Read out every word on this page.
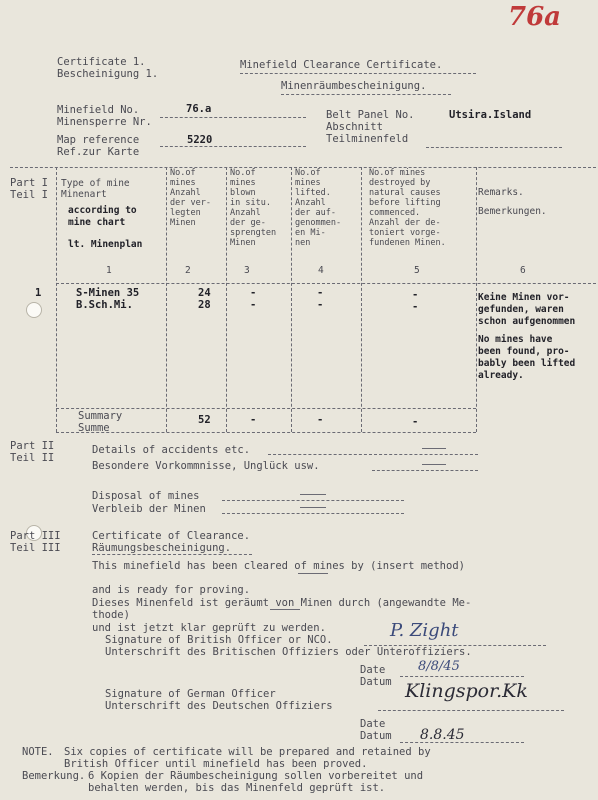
76a
Certificate 1.
Bescheinigung 1.
Minefield Clearance Certificate.
Minenräumbescheinigung.
Minefield No.
Minensperre Nr.
76.a
Map reference
Ref.zur Karte
5220
Belt Panel No.
Abschnitt
Teilminenfeld
Utsira.Island
Part I
Teil I
Type of mine
Minenart
according to
mine chart
lt. Minenplan
No.of
mines
Anzahl
der ver-
legten
Minen
No.of
mines
blown
in situ.
Anzahl
der ge-
sprengten
Minen
No.of
mines
lifted.
Anzahl
der auf-
genommen-
en Mi-
nen
No.of mines
destroyed by
natural causes
before lifting
commenced.
Anzahl der de-
toniert vorge-
fundenen Minen.
Remarks.
Bemerkungen.
1	2	3	4	5	6
1	S-Minen 35	24	-	-	-
B.Sch.Mi.	28	-	-	-
Keine Minen vor-
gefunden, waren
schon aufgenommen
No mines have
been found, pro-
bably been lifted
already.
Summary
Summe
52	-	-	-
Part II
Teil II
Details of accidents etc.
Besondere Vorkommnisse, Unglück usw.
Disposal of mines
Verbleib der Minen
Part III
Teil III
Certificate of Clearance.
Räumungsbescheinigung.
This minefield has been cleared of mines by (insert method)
and is ready for proving.
Dieses Minenfeld ist geräumt von Minen durch (angewandte Me-
thode)
und ist jetzt klar geprüft zu werden.
Signature of British Officer or NCO.	P. Zight
Unterschrift des Britischen Offiziers oder Unteroffiziers.
Date
Datum
8/8/45
Signature of German Officer
Unterschrift des Deutschen Offiziers
Klingspor.Kk
Date
Datum 8.8.45
NOTE. Six copies of certificate will be prepared and retained by
British Officer until minefield has been proved.
Bemerkung. 6 Kopien der Räumbescheinigung sollen vorbereitet und
behalten werden, bis das Minenfeld geprüft ist.
